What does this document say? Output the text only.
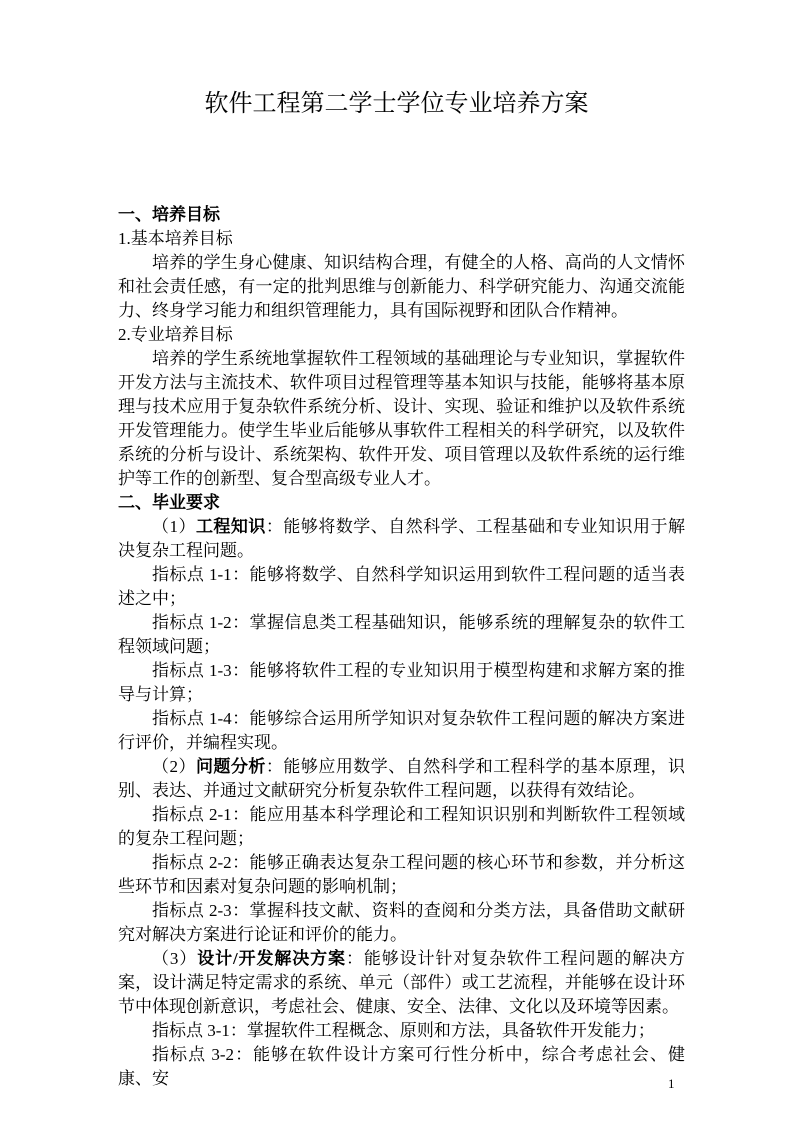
软件工程第二学士学位专业培养方案

一、培养目标

1.基本培养目标

培养的学生身心健康、知识结构合理，有健全的人格、高尚的人文情怀和社会责任感，有一定的批判思维与创新能力、科学研究能力、沟通交流能力、终身学习能力和组织管理能力，具有国际视野和团队合作精神。

2.专业培养目标

培养的学生系统地掌握软件工程领域的基础理论与专业知识，掌握软件开发方法与主流技术、软件项目过程管理等基本知识与技能，能够将基本原理与技术应用于复杂软件系统分析、设计、实现、验证和维护以及软件系统开发管理能力。使学生毕业后能够从事软件工程相关的科学研究，以及软件系统的分析与设计、系统架构、软件开发、项目管理以及软件系统的运行维护等工作的创新型、复合型高级专业人才。

二、毕业要求

（1）工程知识：能够将数学、自然科学、工程基础和专业知识用于解决复杂工程问题。

指标点 1-1：能够将数学、自然科学知识运用到软件工程问题的适当表述之中；

指标点 1-2：掌握信息类工程基础知识，能够系统的理解复杂的软件工程领域问题；

指标点 1-3：能够将软件工程的专业知识用于模型构建和求解方案的推导与计算；

指标点 1-4：能够综合运用所学知识对复杂软件工程问题的解决方案进行评价，并编程实现。

（2）问题分析：能够应用数学、自然科学和工程科学的基本原理，识别、表达、并通过文献研究分析复杂软件工程问题，以获得有效结论。

指标点 2-1：能应用基本科学理论和工程知识识别和判断软件工程领域的复杂工程问题；

指标点 2-2：能够正确表达复杂工程问题的核心环节和参数，并分析这些环节和因素对复杂问题的影响机制；

指标点 2-3：掌握科技文献、资料的查阅和分类方法，具备借助文献研究对解决方案进行论证和评价的能力。

（3）设计/开发解决方案：能够设计针对复杂软件工程问题的解决方案，设计满足特定需求的系统、单元（部件）或工艺流程，并能够在设计环节中体现创新意识，考虑社会、健康、安全、法律、文化以及环境等因素。

指标点 3-1：掌握软件工程概念、原则和方法，具备软件开发能力；

指标点 3-2：能够在软件设计方案可行性分析中，综合考虑社会、健康、安	1
